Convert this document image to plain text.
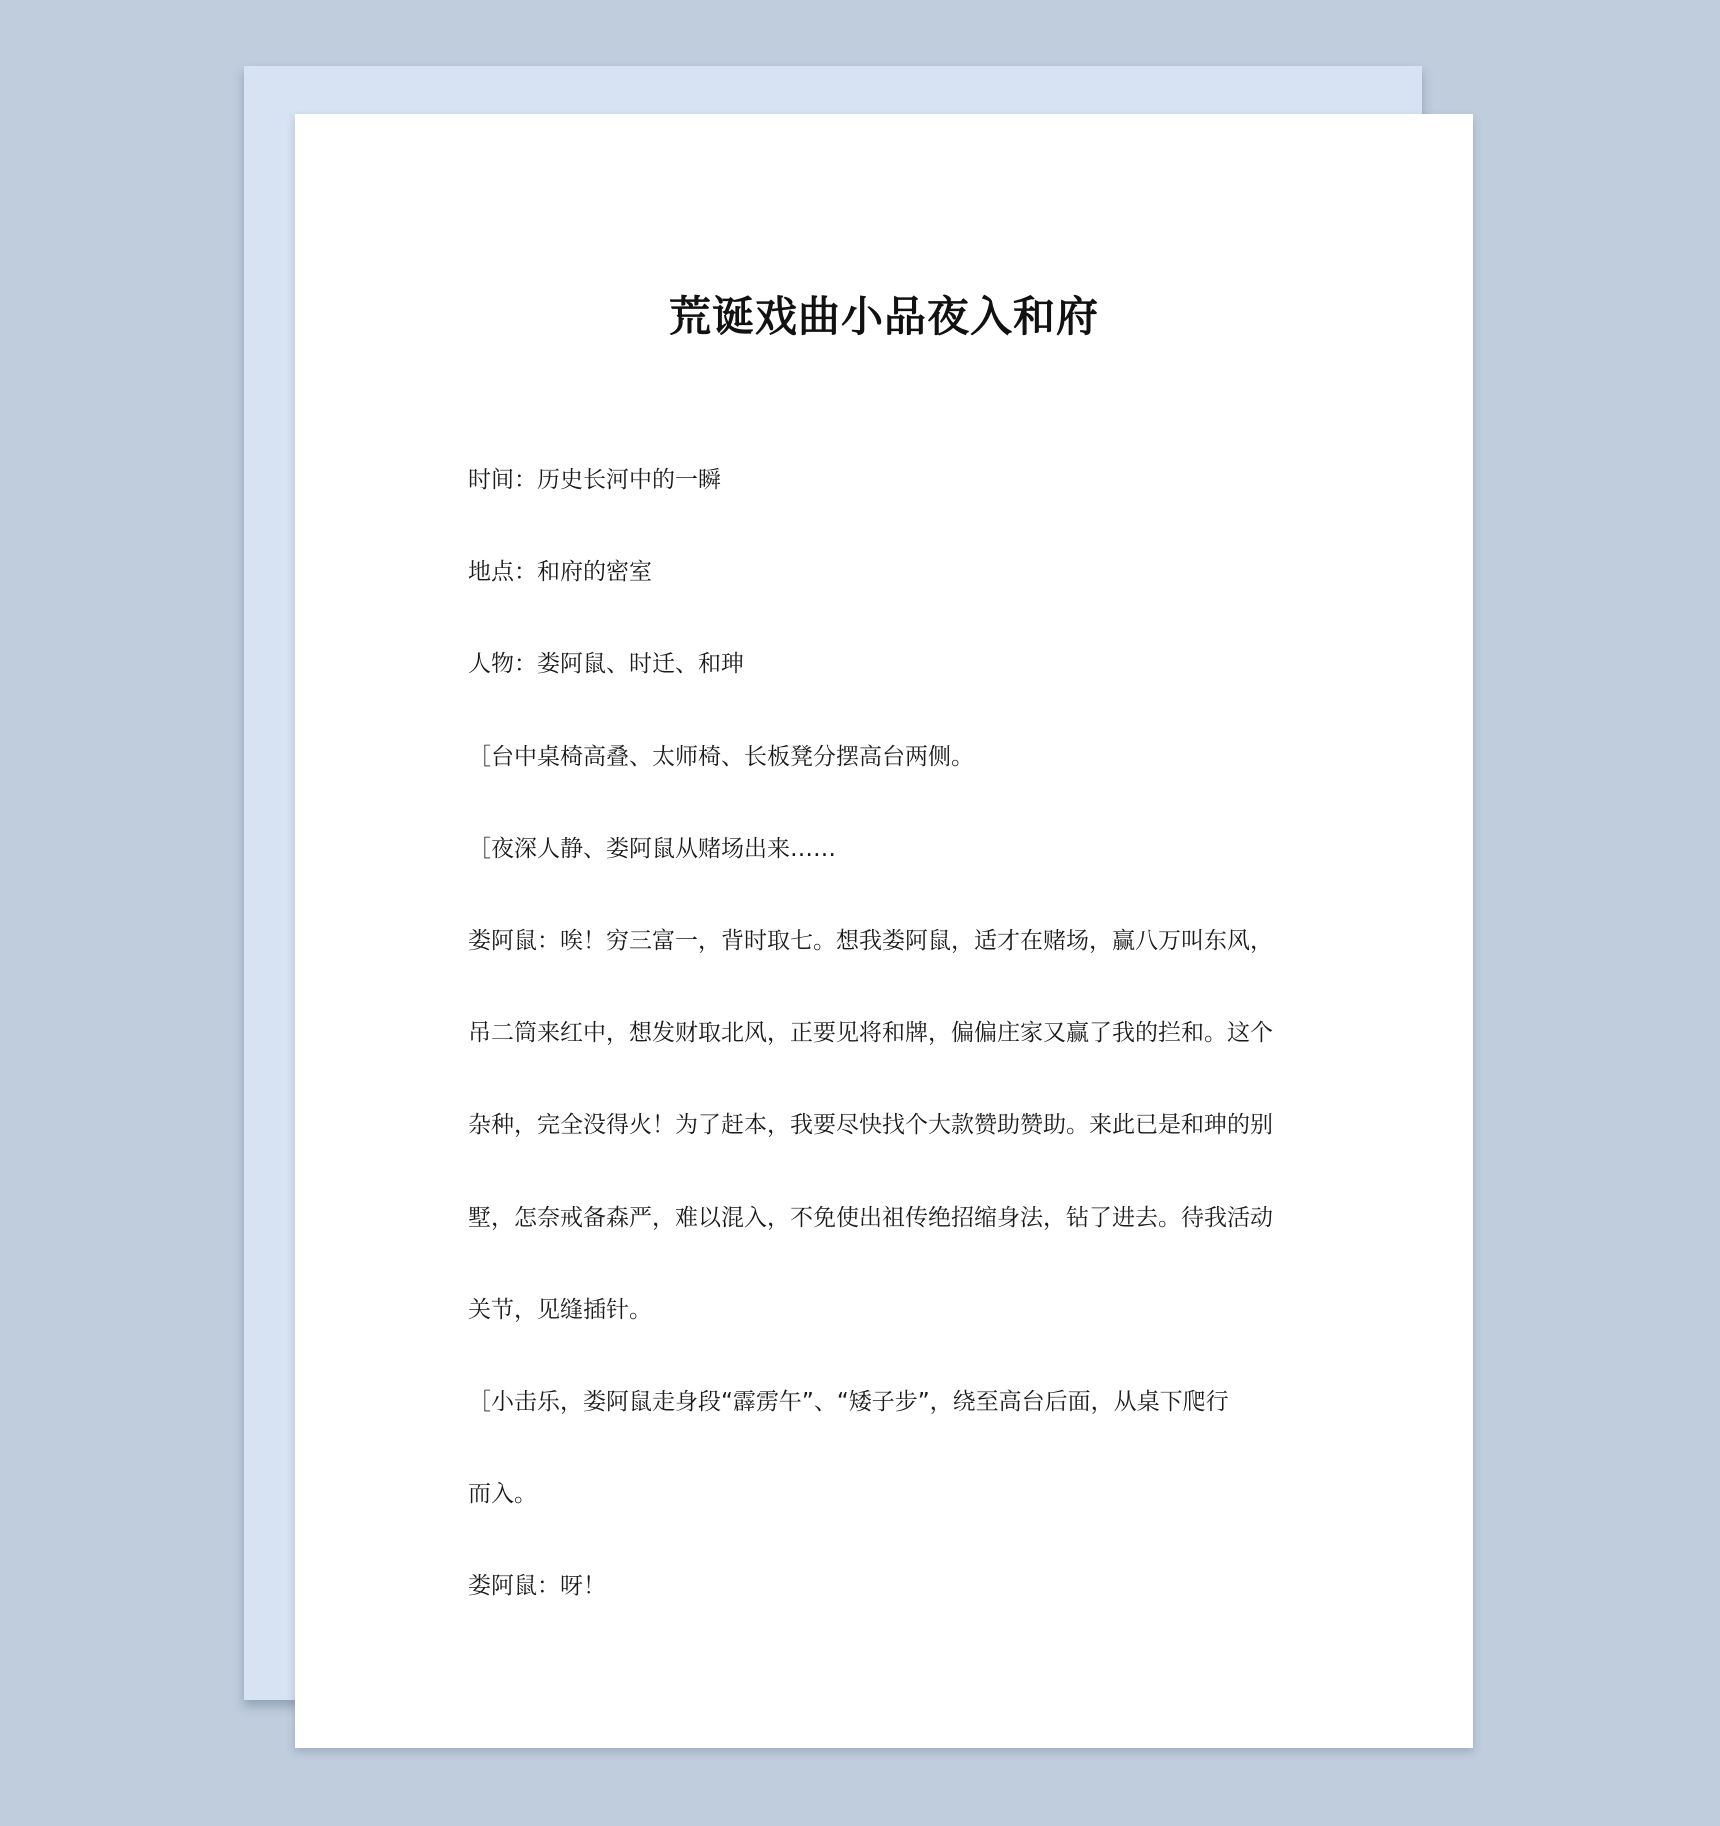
荒诞戏曲小品夜入和府
时间：历史长河中的一瞬
地点：和府的密室
人物：娄阿鼠、时迁、和珅
［台中桌椅高叠、太师椅、长板凳分摆高台两侧。
［夜深人静、娄阿鼠从赌场出来……
娄阿鼠：唉！穷三富一，背时取七。想我娄阿鼠，适才在赌场，赢八万叫东风，
吊二筒来红中，想发财取北风，正要见将和牌，偏偏庄家又赢了我的拦和。这个
杂种，完全没得火！为了赶本，我要尽快找个大款赞助赞助。来此已是和珅的别
墅，怎奈戒备森严，难以混入，不免使出祖传绝招缩身法，钻了进去。待我活动
关节，见缝插针。
［小击乐，娄阿鼠走身段“霹雳午”、“矮子步”，绕至高台后面，从桌下爬行
而入。
娄阿鼠：呀！
